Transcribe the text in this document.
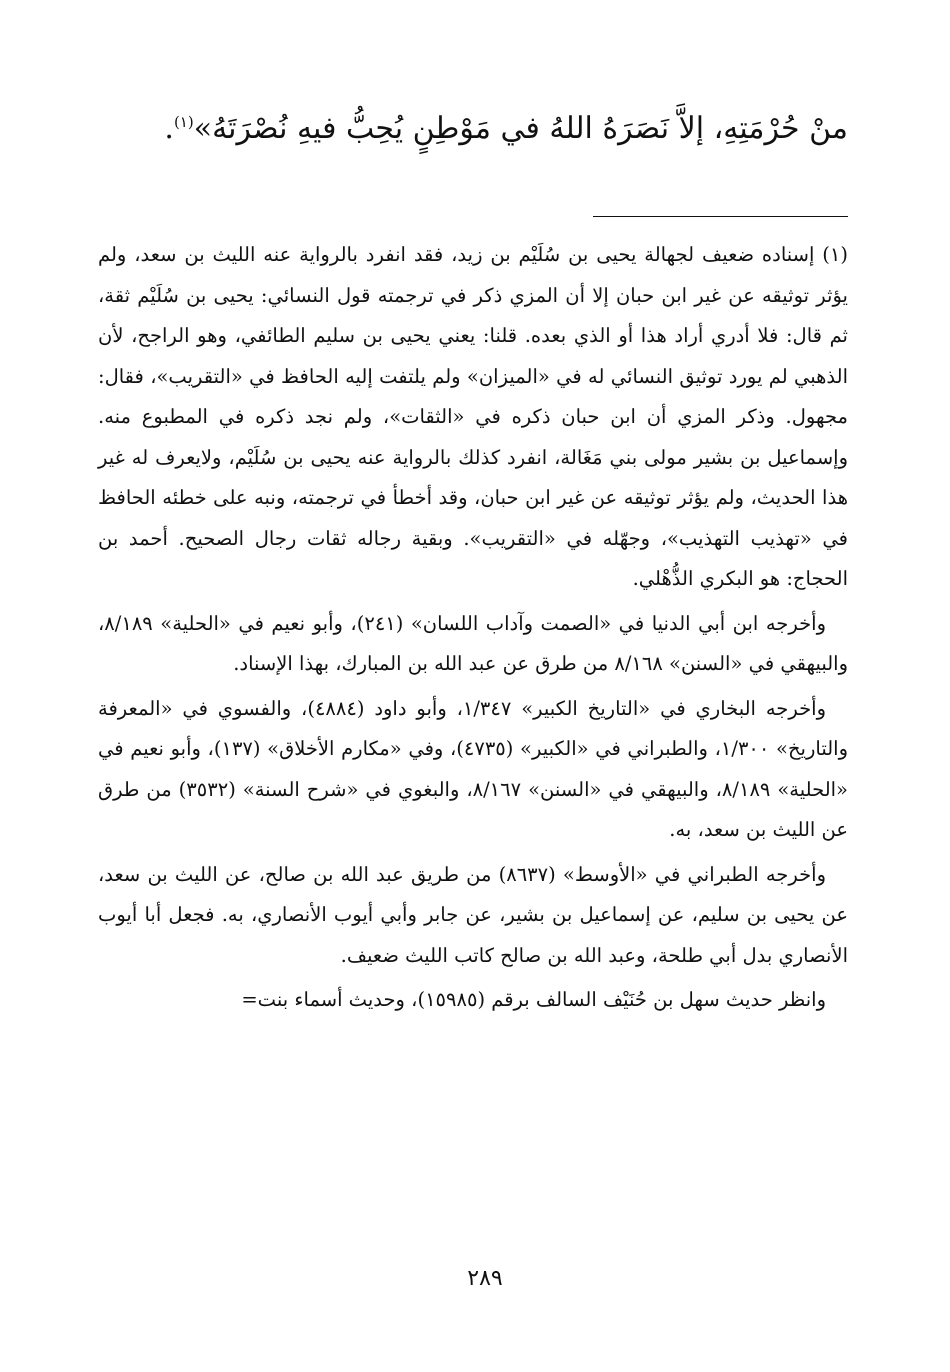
منْ حُرْمَتِهِ، إلاَّ نَصَرَهُ اللهُ في مَوْطِنٍ يُحِبُّ فيهِ نُصْرَتَهُ»$^{(١)}$.

(١) إسناده ضعيف لجهالة يحيى بن سُلَيْم بن زيد، فقد انفرد بالرواية عنه الليث بن سعد، ولم يؤثر توثيقه عن غير ابن حبان إلا أن المزي ذكر في ترجمته قول النسائي: يحيى بن سُلَيْم ثقة، ثم قال: فلا أدري أراد هذا أو الذي بعده. قلنا: يعني يحيى بن سليم الطائفي، وهو الراجح، لأن الذهبي لم يورد توثيق النسائي له في «الميزان» ولم يلتفت إليه الحافظ في «التقريب»، فقال: مجهول. وذكر المزي أن ابن حبان ذكره في «الثقات»، ولم نجد ذكره في المطبوع منه. وإسماعيل بن بشير مولى بني مَغَالة، انفرد كذلك بالرواية عنه يحيى بن سُلَيْم، ولايعرف له غير هذا الحديث، ولم يؤثر توثيقه عن غير ابن حبان، وقد أخطأ في ترجمته، ونبه على خطئه الحافظ في «تهذيب التهذيب»، وجهّله في «التقريب». وبقية رجاله ثقات رجال الصحيح. أحمد بن الحجاج: هو البكري الذُّهْلي.

وأخرجه ابن أبي الدنيا في «الصمت وآداب اللسان» (٢٤١)، وأبو نعيم في «الحلية» ٨/١٨٩، والبيهقي في «السنن» ٨/١٦٨ من طرق عن عبد الله بن المبارك، بهذا الإسناد.

وأخرجه البخاري في «التاريخ الكبير» ١/٣٤٧، وأبو داود (٤٨٨٤)، والفسوي في «المعرفة والتاريخ» ١/٣٠٠، والطبراني في «الكبير» (٤٧٣٥)، وفي «مكارم الأخلاق» (١٣٧)، وأبو نعيم في «الحلية» ٨/١٨٩، والبيهقي في «السنن» ٨/١٦٧، والبغوي في «شرح السنة» (٣٥٣٢) من طرق عن الليث بن سعد، به.

وأخرجه الطبراني في «الأوسط» (٨٦٣٧) من طريق عبد الله بن صالح، عن الليث بن سعد، عن يحيى بن سليم، عن إسماعيل بن بشير، عن جابر وأبي أيوب الأنصاري، به. فجعل أبا أيوب الأنصاري بدل أبي طلحة، وعبد الله بن صالح كاتب الليث ضعيف.

وانظر حديث سهل بن حُنَيْف السالف برقم (١٥٩٨٥)، وحديث أسماء بنت=

٢٨٩
